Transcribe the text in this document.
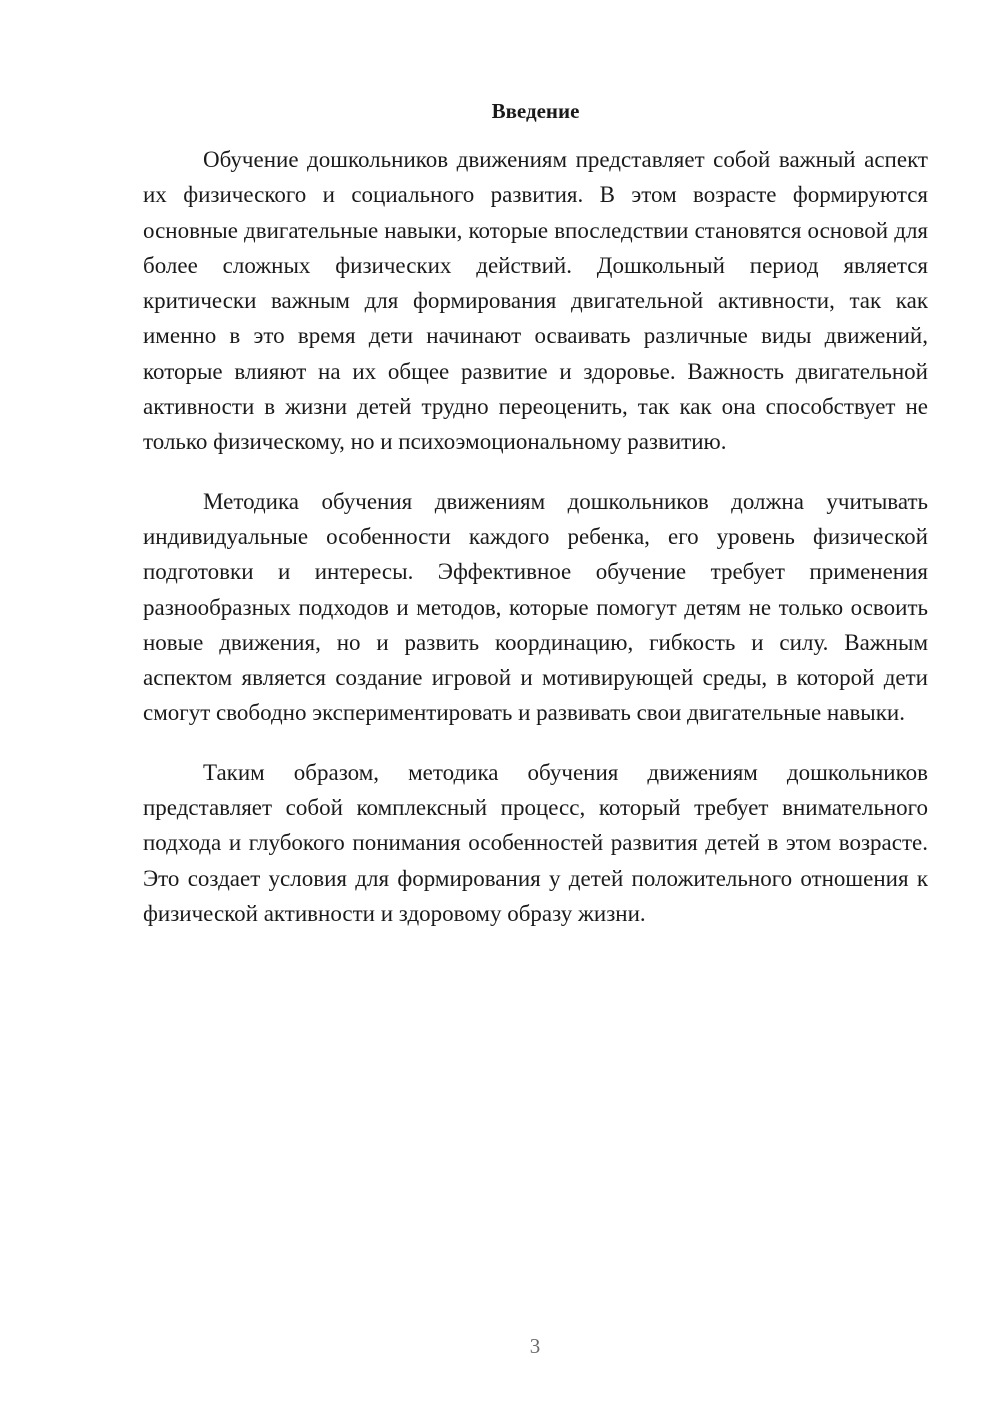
Введение

Обучение дошкольников движениям представляет собой важный аспект их физического и социального развития. В этом возрасте формируются основные двигательные навыки, которые впоследствии становятся основой для более сложных физических действий. Дошкольный период является критически важным для формирования двигательной активности, так как именно в это время дети начинают осваивать различные виды движений, которые влияют на их общее развитие и здоровье. Важность двигательной активности в жизни детей трудно переоценить, так как она способствует не только физическому, но и психоэмоциональному развитию.

Методика обучения движениям дошкольников должна учитывать индивидуальные особенности каждого ребенка, его уровень физической подготовки и интересы. Эффективное обучение требует применения разнообразных подходов и методов, которые помогут детям не только освоить новые движения, но и развить координацию, гибкость и силу. Важным аспектом является создание игровой и мотивирующей среды, в которой дети смогут свободно экспериментировать и развивать свои двигательные навыки.

Таким образом, методика обучения движениям дошкольников представляет собой комплексный процесс, который требует внимательного подхода и глубокого понимания особенностей развития детей в этом возрасте. Это создает условия для формирования у детей положительного отношения к физической активности и здоровому образу жизни.

3
